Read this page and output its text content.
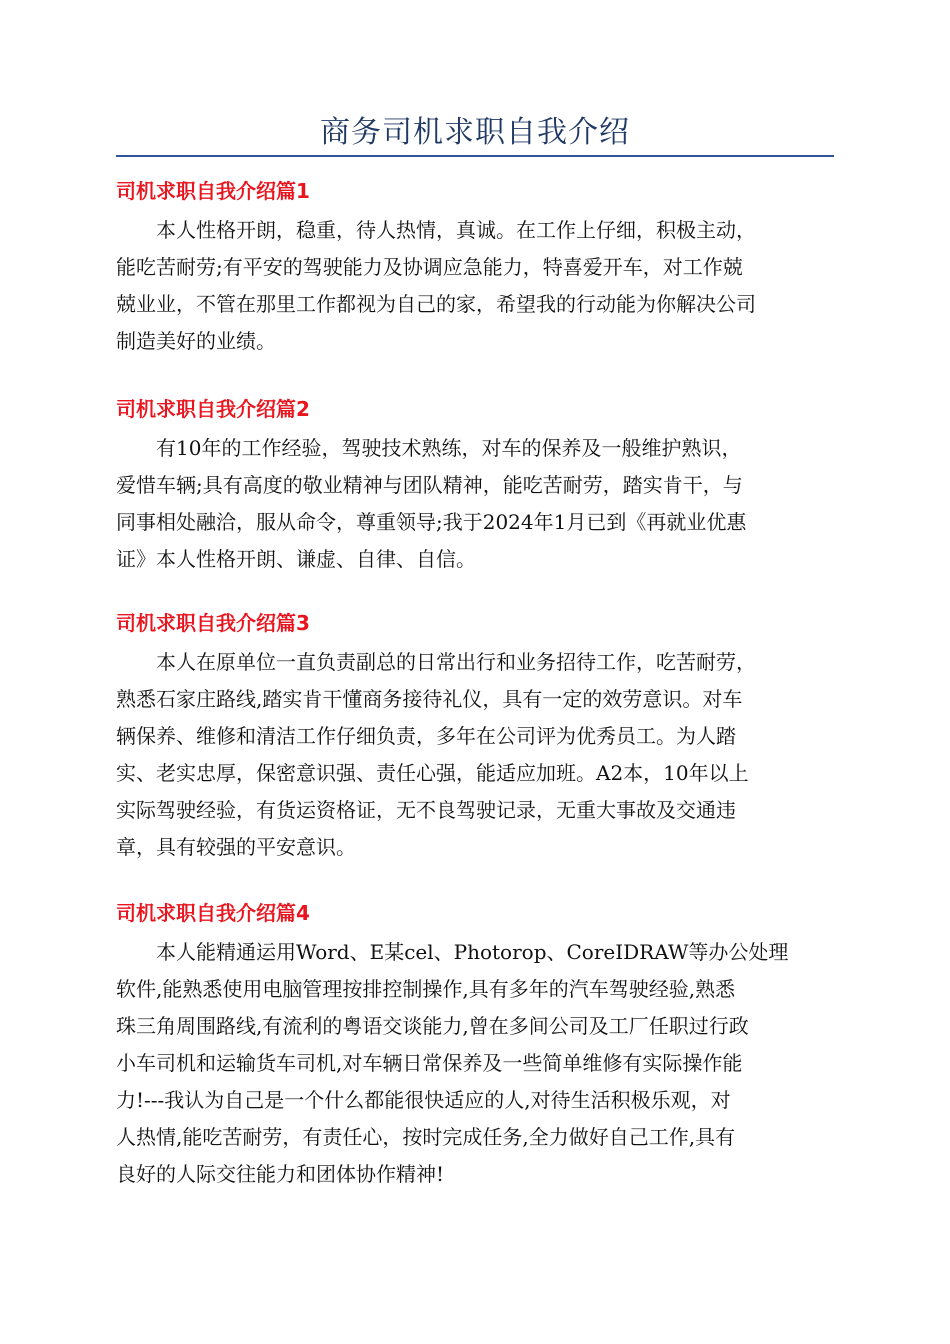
商务司机求职自我介绍
司机求职自我介绍篇1

本人性格开朗，稳重，待人热情，真诚。在工作上仔细，积极主动，
能吃苦耐劳;有平安的驾驶能力及协调应急能力，特喜爱开车，对工作兢
兢业业，不管在那里工作都视为自己的家，希望我的行动能为你解决公司
制造美好的业绩。

司机求职自我介绍篇2

有10年的工作经验，驾驶技术熟练，对车的保养及一般维护熟识，
爱惜车辆;具有高度的敬业精神与团队精神，能吃苦耐劳，踏实肯干，与
同事相处融洽，服从命令，尊重领导;我于2024年1月已到《再就业优惠
证》本人性格开朗、谦虚、自律、自信。

司机求职自我介绍篇3

本人在原单位一直负责副总的日常出行和业务招待工作，吃苦耐劳，
熟悉石家庄路线,踏实肯干懂商务接待礼仪，具有一定的效劳意识。对车
辆保养、维修和清洁工作仔细负责，多年在公司评为优秀员工。为人踏
实、老实忠厚，保密意识强、责任心强，能适应加班。A2本，10年以上
实际驾驶经验，有货运资格证，无不良驾驶记录，无重大事故及交通违
章，具有较强的平安意识。

司机求职自我介绍篇4

本人能精通运用Word、E某cel、Photorop、CoreIDRAW等办公处理
软件,能熟悉使用电脑管理按排控制操作,具有多年的汽车驾驶经验,熟悉
珠三角周围路线,有流利的粤语交谈能力,曾在多间公司及工厂任职过行政
小车司机和运输货车司机,对车辆日常保养及一些简单维修有实际操作能
力!---我认为自己是一个什么都能很快适应的人,对待生活积极乐观，对
人热情,能吃苦耐劳，有责任心，按时完成任务,全力做好自己工作,具有
良好的人际交往能力和团体协作精神!
